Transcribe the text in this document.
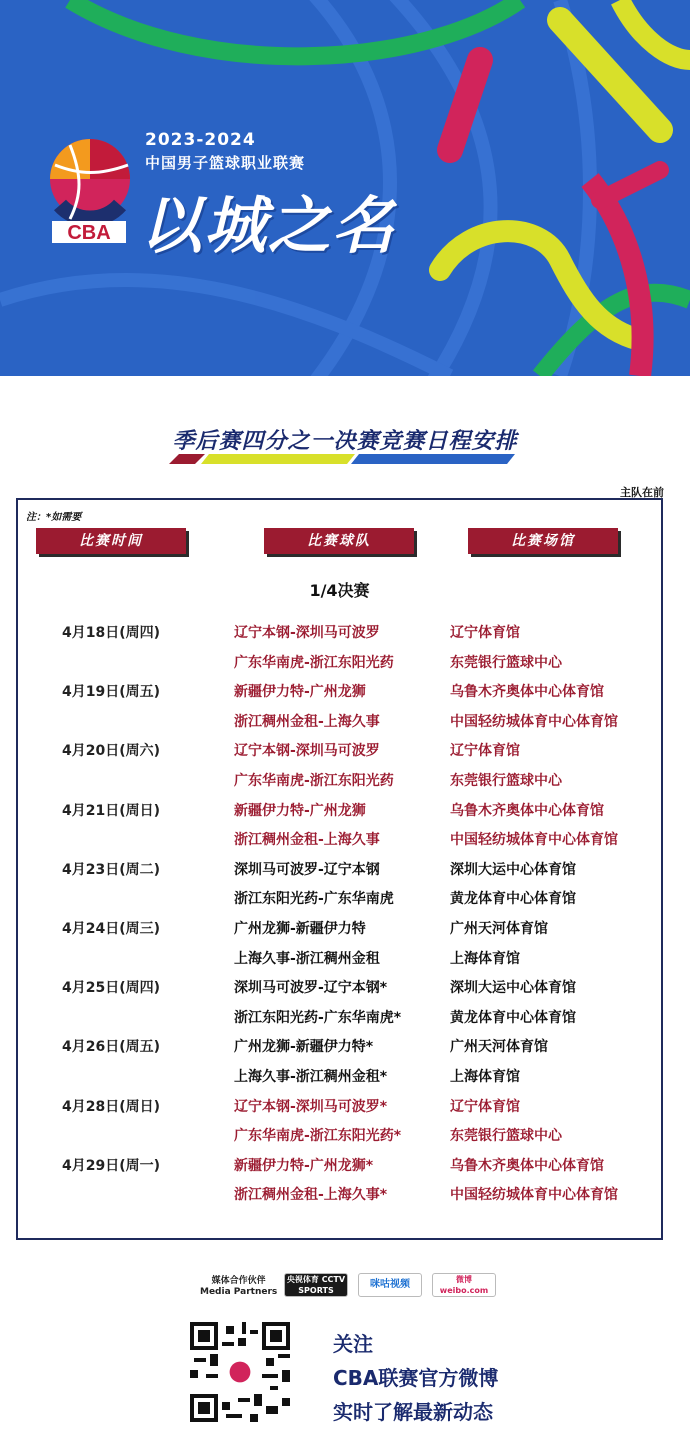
CBA
2023-2024
中国男子篮球职业联赛
以城之名
季后赛四分之一决赛竞赛日程安排
主队在前
注：*如需要
比赛时间	比赛球队	比赛场馆
1/4决赛
4月18日(周四)	辽宁本钢-深圳马可波罗	辽宁体育馆
广东华南虎-浙江东阳光药	东莞银行篮球中心
4月19日(周五)	新疆伊力特-广州龙狮	乌鲁木齐奥体中心体育馆
浙江稠州金租-上海久事	中国轻纺城体育中心体育馆
4月20日(周六)	辽宁本钢-深圳马可波罗	辽宁体育馆
广东华南虎-浙江东阳光药	东莞银行篮球中心
4月21日(周日)	新疆伊力特-广州龙狮	乌鲁木齐奥体中心体育馆
浙江稠州金租-上海久事	中国轻纺城体育中心体育馆
4月23日(周二)	深圳马可波罗-辽宁本钢	深圳大运中心体育馆
浙江东阳光药-广东华南虎	黄龙体育中心体育馆
4月24日(周三)	广州龙狮-新疆伊力特	广州天河体育馆
上海久事-浙江稠州金租	上海体育馆
4月25日(周四)	深圳马可波罗-辽宁本钢*	深圳大运中心体育馆
浙江东阳光药-广东华南虎*	黄龙体育中心体育馆
4月26日(周五)	广州龙狮-新疆伊力特*	广州天河体育馆
上海久事-浙江稠州金租*	上海体育馆
4月28日(周日)	辽宁本钢-深圳马可波罗*	辽宁体育馆
广东华南虎-浙江东阳光药*	东莞银行篮球中心
4月29日(周一)	新疆伊力特-广州龙狮*	乌鲁木齐奥体中心体育馆
浙江稠州金租-上海久事*	中国轻纺城体育中心体育馆
媒体合作伙伴
Media Partners
央视体育 CCTV SPORTS
咪咕视频	微博 weibo.com
关注
CBA联赛官方微博
实时了解最新动态
